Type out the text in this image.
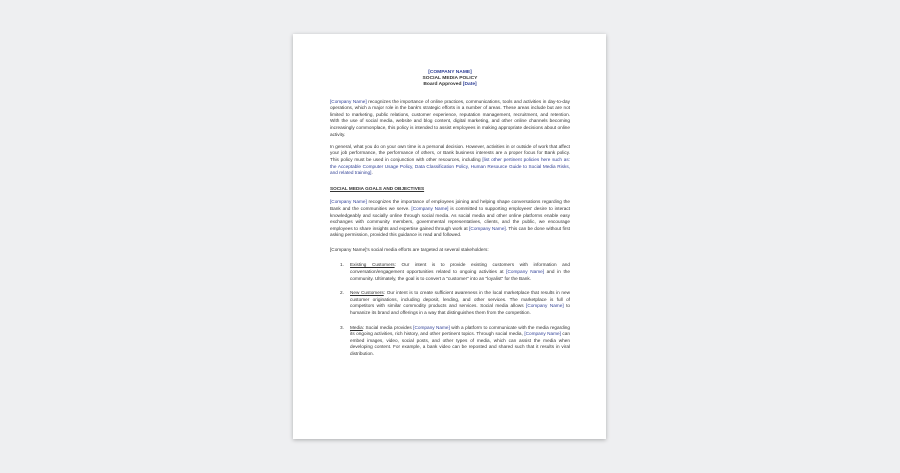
[COMPANY NAME]
SOCIAL MEDIA POLICY
Board Approved [Date]
[Company Name] recognizes the importance of online practices, communications, tools and activities in day-to-day operations, which a major role in the bank's strategic efforts in a number of areas. These areas include but are not limited to marketing, public relations, customer experience, reputation management, recruitment, and retention. With the use of social media, website and blog content, digital marketing, and other online channels becoming increasingly commonplace, this policy is intended to assist employees in making appropriate decisions about online activity.
In general, what you do on your own time is a personal decision. However, activities in or outside of work that affect your job performance, the performance of others, or Bank business interests are a proper focus for Bank policy. This policy must be used in conjunction with other resources, including [list other pertinent policies here such as: the Acceptable Computer Usage Policy, Data Classification Policy, Human Resource Guide to Social Media Risks, and related training].
SOCIAL MEDIA GOALS AND OBJECTIVES
[Company Name] recognizes the importance of employees joining and helping shape conversations regarding the Bank and the communities we serve. [Company Name] is committed to supporting employees' desire to interact knowledgeably and socially online through social media. As social media and other online platforms enable easy exchanges with community members, governmental representatives, clients, and the public, we encourage employees to share insights and expertise gained through work at [Company Name]. This can be done without first asking permission, provided this guidance is read and followed.
[Company Name]'s social media efforts are targeted at several stakeholders:
1. Existing Customers: Our intent is to provide existing customers with information and conversation/engagement opportunities related to ongoing activities at [Company Name] and in the community. Ultimately, the goal is to convert a "customer" into an "loyalist" for the Bank.
2. New Customers: Our intent is to create sufficient awareness in the local marketplace that results in new customer originations, including deposit, lending, and other services. The marketplace is full of competitors with similar commodity products and services. Social media allows [Company Name] to humanize its brand and offerings in a way that distinguishes them from the competition.
3. Media: Social media provides [Company Name] with a platform to communicate with the media regarding its ongoing activities, rich history, and other pertinent topics. Through social media, [Company Name] can embed images, video, social posts, and other types of media, which can assist the media when developing content. For example, a bank video can be reposted and shared such that it results in viral distribution.
